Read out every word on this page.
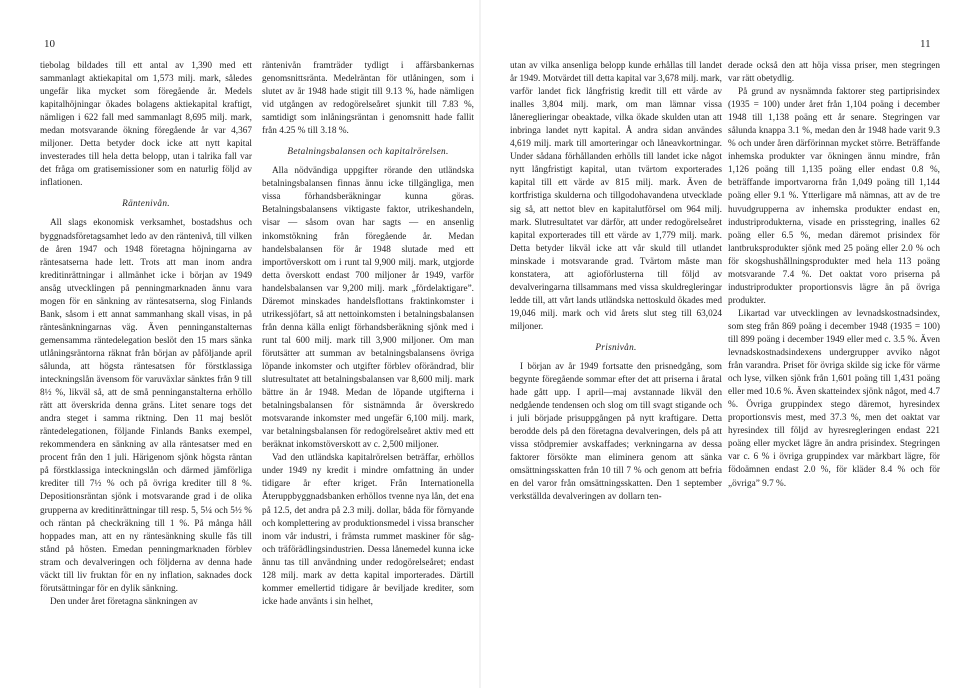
10	11

tiebolag bildades till ett antal av 1,390 med ett sammanlagt aktiekapital om 1,573 milj. mark, således ungefär lika mycket som föregående år. Medels kapitalhöjningar ökades bolagens aktiekapital kraftigt, nämligen i 622 fall med sammanlagt 8,695 milj. mark, medan motsvarande ökning föregående år var 4,367 miljoner. Detta betyder dock icke att nytt kapital investerades till hela detta belopp, utan i talrika fall var det fråga om gratisemissioner som en naturlig följd av inflationen.

Räntenivån.

All slags ekonomisk verksamhet, bostadshus och byggnadsföretagsamhet ledo av den räntenivå, till vilken de åren 1947 och 1948 företagna höjningarna av räntesatserna hade lett. Trots att man inom andra kreditinrättningar i allmänhet icke i början av 1949 ansåg utvecklingen på penningmarknaden ännu vara mogen för en sänkning av räntesatserna, slog Finlands Bank, såsom i ett annat sammanhang skall visas, in på räntesänkningarnas väg. Även penninganstalternas gemensamma räntedelegation beslöt den 15 mars sänka utlåningsräntorna räknat från början av påföljande april sålunda, att högsta räntesatsen för förstklassiga inteckningslån ävensom för varuväxlar sänktes från 9 till 8½ %, likväl så, att de små penninganstalterna erhöllo rätt att överskrida denna gräns. Litet senare togs det andra steget i samma riktning. Den 11 maj beslöt räntedelegationen, följande Finlands Banks exempel, rekommendera en sänkning av alla räntesatser med en procent från den 1 juli. Härigenom sjönk högsta räntan på förstklassiga inteckningslån och därmed jämförliga krediter till 7½ % och på övriga krediter till 8 %. Depositionsräntan sjönk i motsvarande grad i de olika grupperna av kreditinrättningar till resp. 5, 5¼ och 5½ % och räntan på checkräkning till 1 %. På många håll hoppades man, att en ny räntesänkning skulle fås till stånd på hösten. Emedan penningmarknaden förblev stram och devalveringen och följderna av denna hade väckt till liv fruktan för en ny inflation, saknades dock förutsättningar för en dylik sänkning.

Den under året företagna sänkningen av

räntenivån framträder tydligt i affärsbankernas genomsnittsränta. Medelräntan för utlåningen, som i slutet av år 1948 hade stigit till 9.13 %, hade nämligen vid utgången av redogörelseåret sjunkit till 7.83 %, samtidigt som inlåningsräntan i genomsnitt hade fallit från 4.25 % till 3.18 %.

Betalningsbalansen och kapitalrörelsen.

Alla nödvändiga uppgifter rörande den utländska betalningsbalansen finnas ännu icke tillgängliga, men vissa förhandsberäkningar kunna göras. Betalningsbalansens viktigaste faktor, utrikeshandeln, visar — såsom ovan har sagts — en ansenlig inkomstökning från föregående år. Medan handelsbalansen för år 1948 slutade med ett importöverskott om i runt tal 9,900 milj. mark, utgjorde detta överskott endast 700 miljoner år 1949, varför handelsbalansen var 9,200 milj. mark „fördelaktigare”. Däremot minskades handelsflottans fraktinkomster i utrikessjöfart, så att nettoinkomsten i betalningsbalansen från denna källa enligt förhandsberäkning sjönk med i runt tal 600 milj. mark till 3,900 miljoner. Om man förutsätter att summan av betalningsbalansens övriga löpande inkomster och utgifter förblev oförändrad, blir slutresultatet att betalningsbalansen var 8,600 milj. mark bättre än år 1948. Medan de löpande utgifterna i betalningsbalansen för sistnämnda år överskredo motsvarande inkomster med ungefär 6,100 milj. mark, var betalningsbalansen för redogörelseåret aktiv med ett beräknat inkomstöverskott av c. 2,500 miljoner.

Vad den utländska kapitalrörelsen beträffar, erhöllos under 1949 ny kredit i mindre omfattning än under tidigare år efter kriget. Från Internationella Återuppbyggnadsbanken erhöllos tvenne nya lån, det ena på 12.5, det andra på 2.3 milj. dollar, båda för förnyande och komplettering av produktionsmedel i vissa branscher inom vår industri, i främsta rummet maskiner för såg- och träförädlingsindustrien. Dessa lånemedel kunna icke ännu tas till användning under redogörelseåret; endast 128 milj. mark av detta kapital importerades. Därtill kommer emellertid tidigare år beviljade krediter, som icke hade använts i sin helhet,

utan av vilka ansenliga belopp kunde erhållas till landet år 1949. Motvärdet till detta kapital var 3,678 milj. mark, varför landet fick långfristig kredit till ett värde av inalles 3,804 milj. mark, om man lämnar vissa lånereglieringar obeaktade, vilka ökade skulden utan att inbringa landet nytt kapital. Å andra sidan användes 4,619 milj. mark till amorteringar och låneavkortningar. Under sådana förhållanden erhölls till landet icke något nytt långfristigt kapital, utan tvärtom exporterades kapital till ett värde av 815 milj. mark. Även de kortfristiga skulderna och tillgodohavandena utvecklade sig så, att nettot blev en kapitalutförsel om 964 milj. mark. Slutresultatet var därför, att under redogörelseåret kapital exporterades till ett värde av 1,779 milj. mark. Detta betyder likväl icke att vår skuld till utlandet minskade i motsvarande grad. Tvärtom måste man konstatera, att agioförlusterna till följd av devalveringarna tillsammans med vissa skuldregleringar ledde till, att vårt lands utländska nettoskuld ökades med 19,046 milj. mark och vid årets slut steg till 63,024 miljoner.

Prisnivån.

I början av år 1949 fortsatte den prisnedgång, som begynte föregående sommar efter det att priserna i åratal hade gått upp. I april—maj avstannade likväl den nedgående tendensen och slog om till svagt stigande och i juli började prisuppgången på nytt kraftigare. Detta berodde dels på den företagna devalveringen, dels på att vissa stödpremier avskaffades; verkningarna av dessa faktorer försökte man eliminera genom att sänka omsättningsskatten från 10 till 7 % och genom att befria en del varor från omsättningsskatten. Den 1 september verkställda devalveringen av dollarn ten-

derade också den att höja vissa priser, men stegringen var rätt obetydlig.

På grund av nysnämnda faktorer steg partiprisindex (1935 = 100) under året från 1,104 poäng i december 1948 till 1,138 poäng ett år senare. Stegringen var sålunda knappa 3.1 %, medan den år 1948 hade varit 9.3 % och under åren därförinnan mycket större. Beträffande inhemska produkter var ökningen ännu mindre, från 1,126 poäng till 1,135 poäng eller endast 0.8 %, beträffande importvarorna från 1,049 poäng till 1,144 poäng eller 9.1 %. Ytterligare må nämnas, att av de tre huvudgrupperna av inhemska produkter endast en, industriprodukterna, visade en prisstegring, inalles 62 poäng eller 6.5 %, medan däremot prisindex för lantbruksprodukter sjönk med 25 poäng eller 2.0 % och för skogshushållningsprodukter med hela 113 poäng motsvarande 7.4 %. Det oaktat voro priserna på industriprodukter proportionsvis lägre än på övriga produkter.

Likartad var utvecklingen av levnadskostnadsindex, som steg från 869 poäng i december 1948 (1935 = 100) till 899 poäng i december 1949 eller med c. 3.5 %. Även levnadskostnadsindexens undergrupper avviko något från varandra. Priset för övriga skilde sig icke för värme och lyse, vilken sjönk från 1,601 poäng till 1,431 poäng eller med 10.6 %. Även skatteindex sjönk något, med 4.7 %. Övriga gruppindex stego däremot, hyresindex proportionsvis mest, med 37.3 %, men det oaktat var hyresindex till följd av hyresregleringen endast 221 poäng eller mycket lägre än andra prisindex. Stegringen var c. 6 % i övriga gruppindex var märkbart lägre, för födoämnen endast 2.0 %, för kläder 8.4 % och för „övriga” 9.7 %.
